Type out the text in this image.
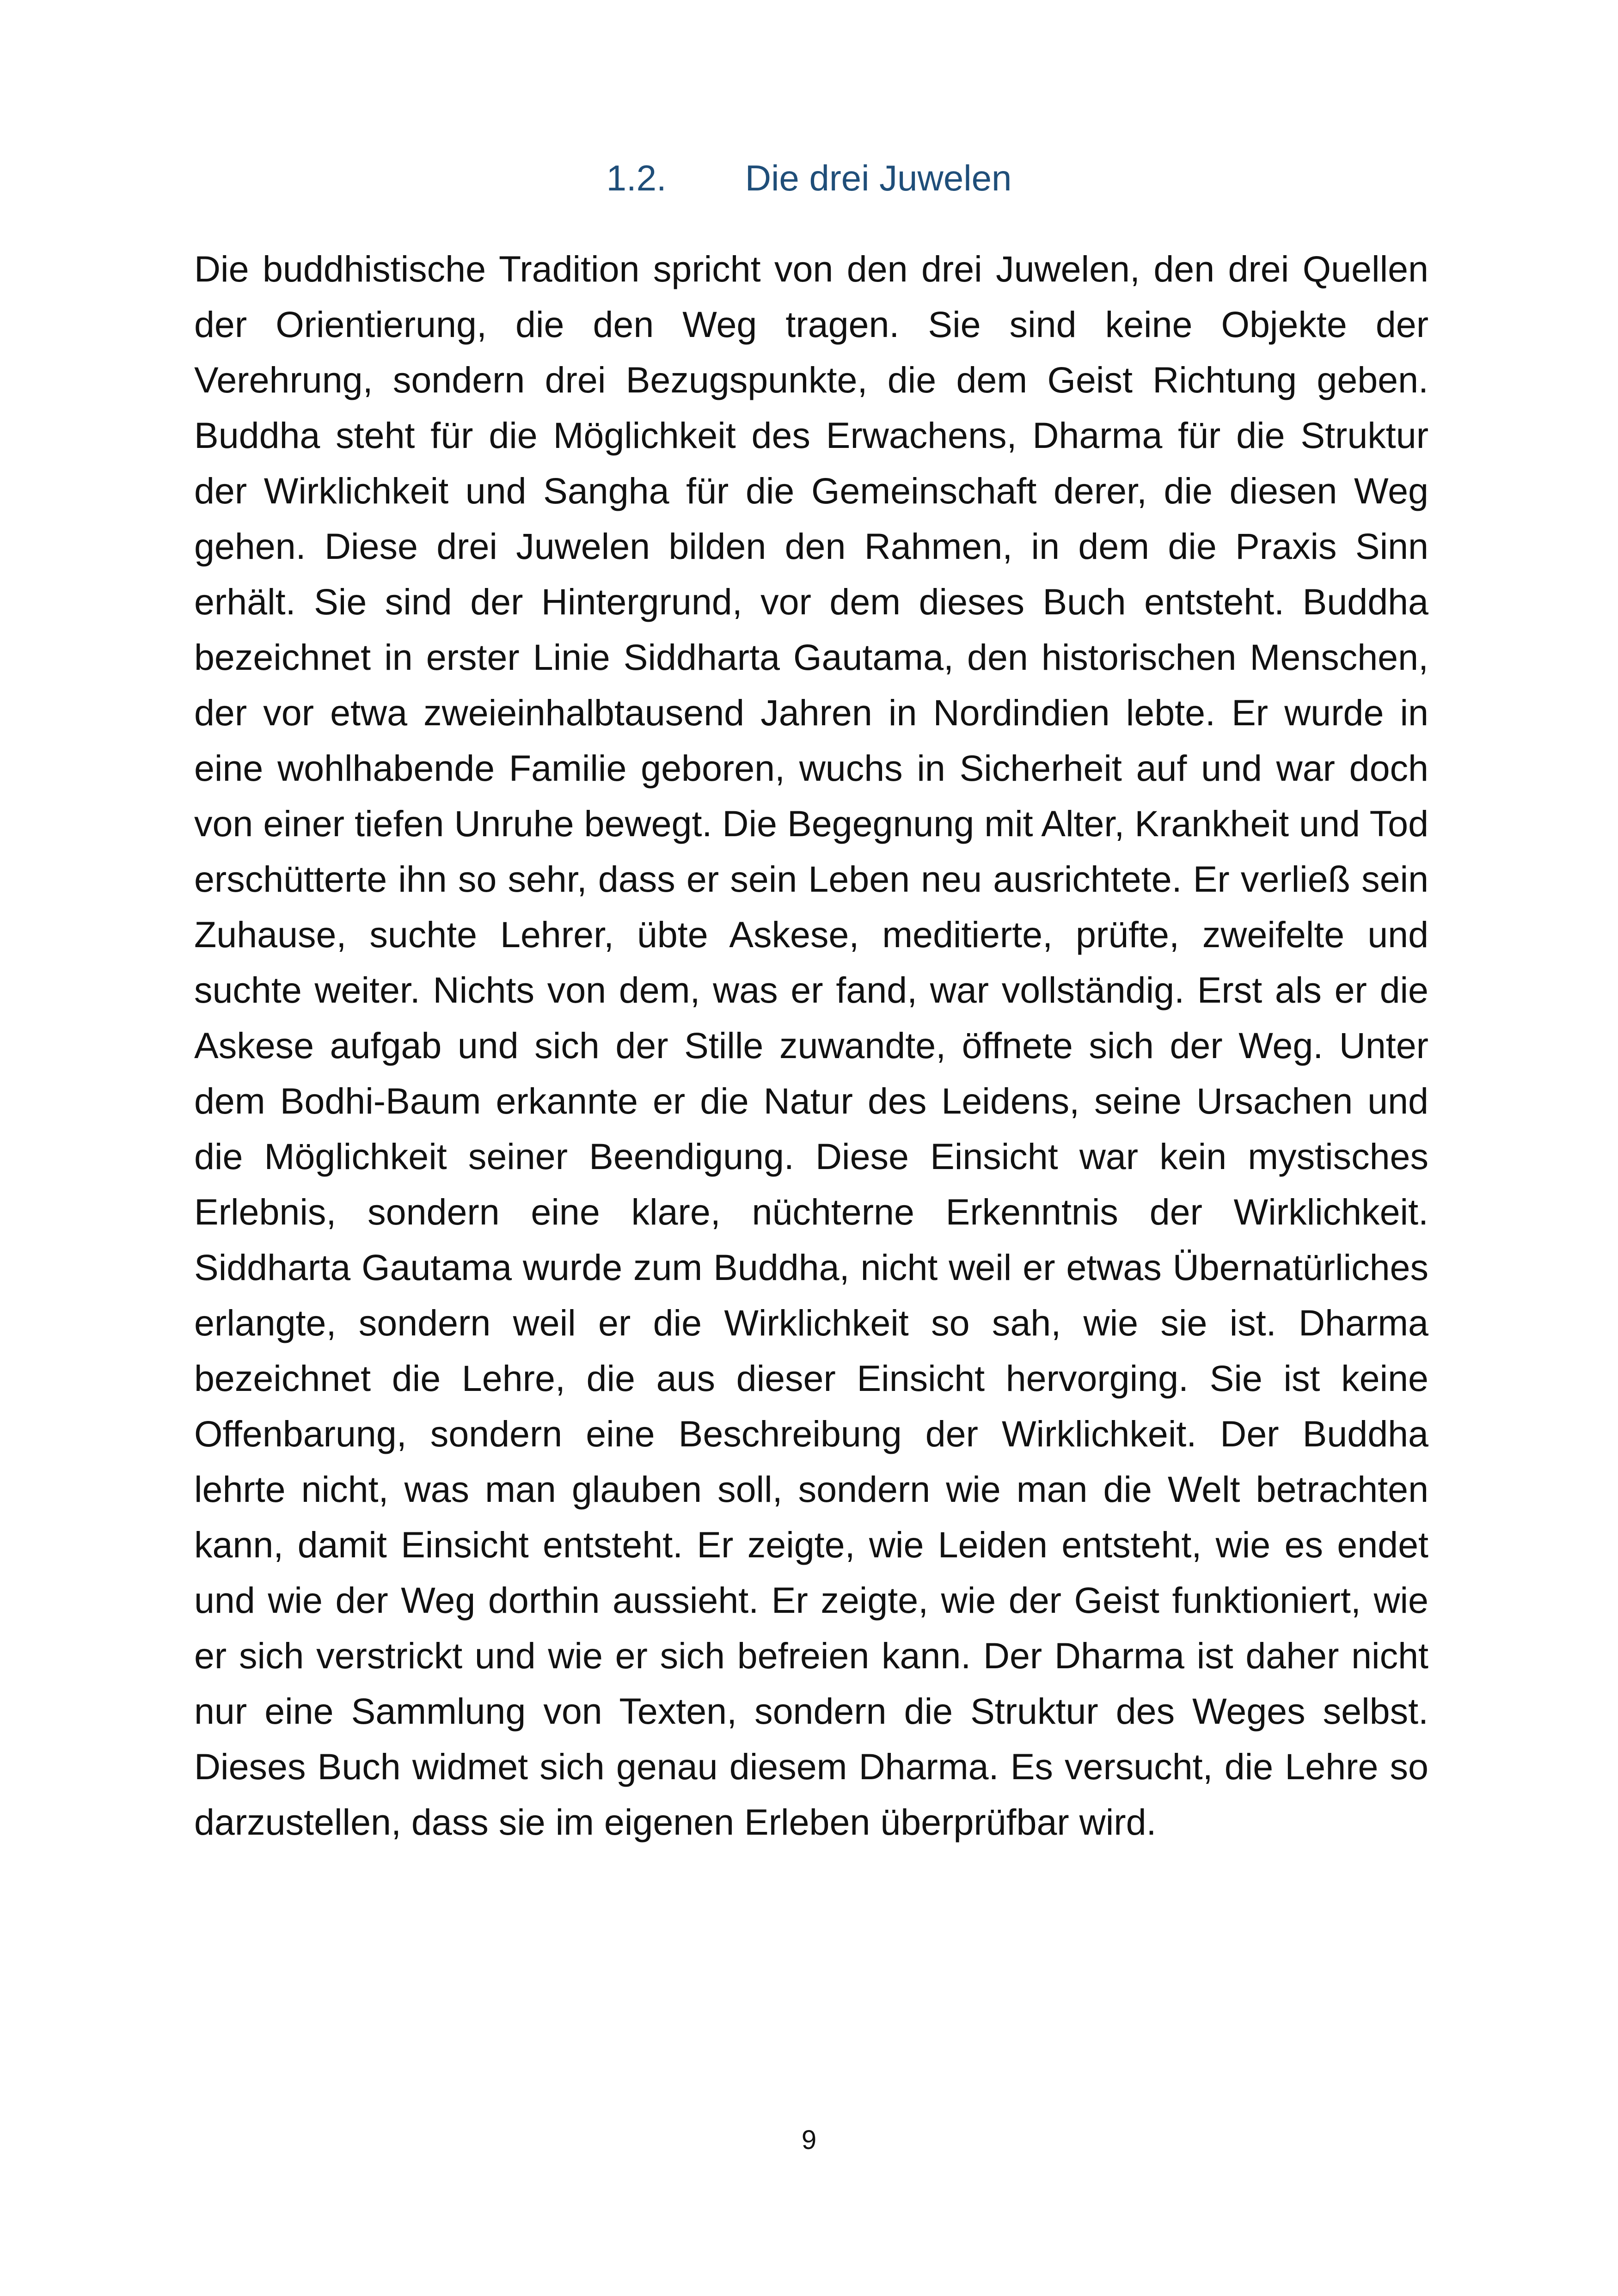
1.2. Die drei Juwelen

Die buddhistische Tradition spricht von den drei Juwelen, den drei Quellen der Orientierung, die den Weg tragen. Sie sind keine Objekte der Verehrung, sondern drei Bezugspunkte, die dem Geist Richtung geben. Buddha steht für die Möglichkeit des Erwachens, Dharma für die Struktur der Wirklichkeit und Sangha für die Gemeinschaft derer, die diesen Weg gehen. Diese drei Juwelen bilden den Rahmen, in dem die Praxis Sinn erhält. Sie sind der Hintergrund, vor dem dieses Buch entsteht. Buddha bezeichnet in erster Linie Siddharta Gautama, den historischen Menschen, der vor etwa zweieinhalbtausend Jahren in Nordindien lebte. Er wurde in eine wohlhabende Familie geboren, wuchs in Sicherheit auf und war doch von einer tiefen Unruhe bewegt. Die Begegnung mit Alter, Krankheit und Tod erschütterte ihn so sehr, dass er sein Leben neu ausrichtete. Er verließ sein Zuhause, suchte Lehrer, übte Askese, meditierte, prüfte, zweifelte und suchte weiter. Nichts von dem, was er fand, war vollständig. Erst als er die Askese aufgab und sich der Stille zuwandte, öffnete sich der Weg. Unter dem Bodhi-Baum erkannte er die Natur des Leidens, seine Ursachen und die Möglichkeit seiner Beendigung. Diese Einsicht war kein mystisches Erlebnis, sondern eine klare, nüchterne Erkenntnis der Wirklichkeit. Siddharta Gautama wurde zum Buddha, nicht weil er etwas Übernatürliches erlangte, sondern weil er die Wirklichkeit so sah, wie sie ist. Dharma bezeichnet die Lehre, die aus dieser Einsicht hervorging. Sie ist keine Offenbarung, sondern eine Beschreibung der Wirklichkeit. Der Buddha lehrte nicht, was man glauben soll, sondern wie man die Welt betrachten kann, damit Einsicht entsteht. Er zeigte, wie Leiden entsteht, wie es endet und wie der Weg dorthin aussieht. Er zeigte, wie der Geist funktioniert, wie er sich verstrickt und wie er sich befreien kann. Der Dharma ist daher nicht nur eine Sammlung von Texten, sondern die Struktur des Weges selbst. Dieses Buch widmet sich genau diesem Dharma. Es versucht, die Lehre so darzustellen, dass sie im eigenen Erleben überprüfbar wird.

9
